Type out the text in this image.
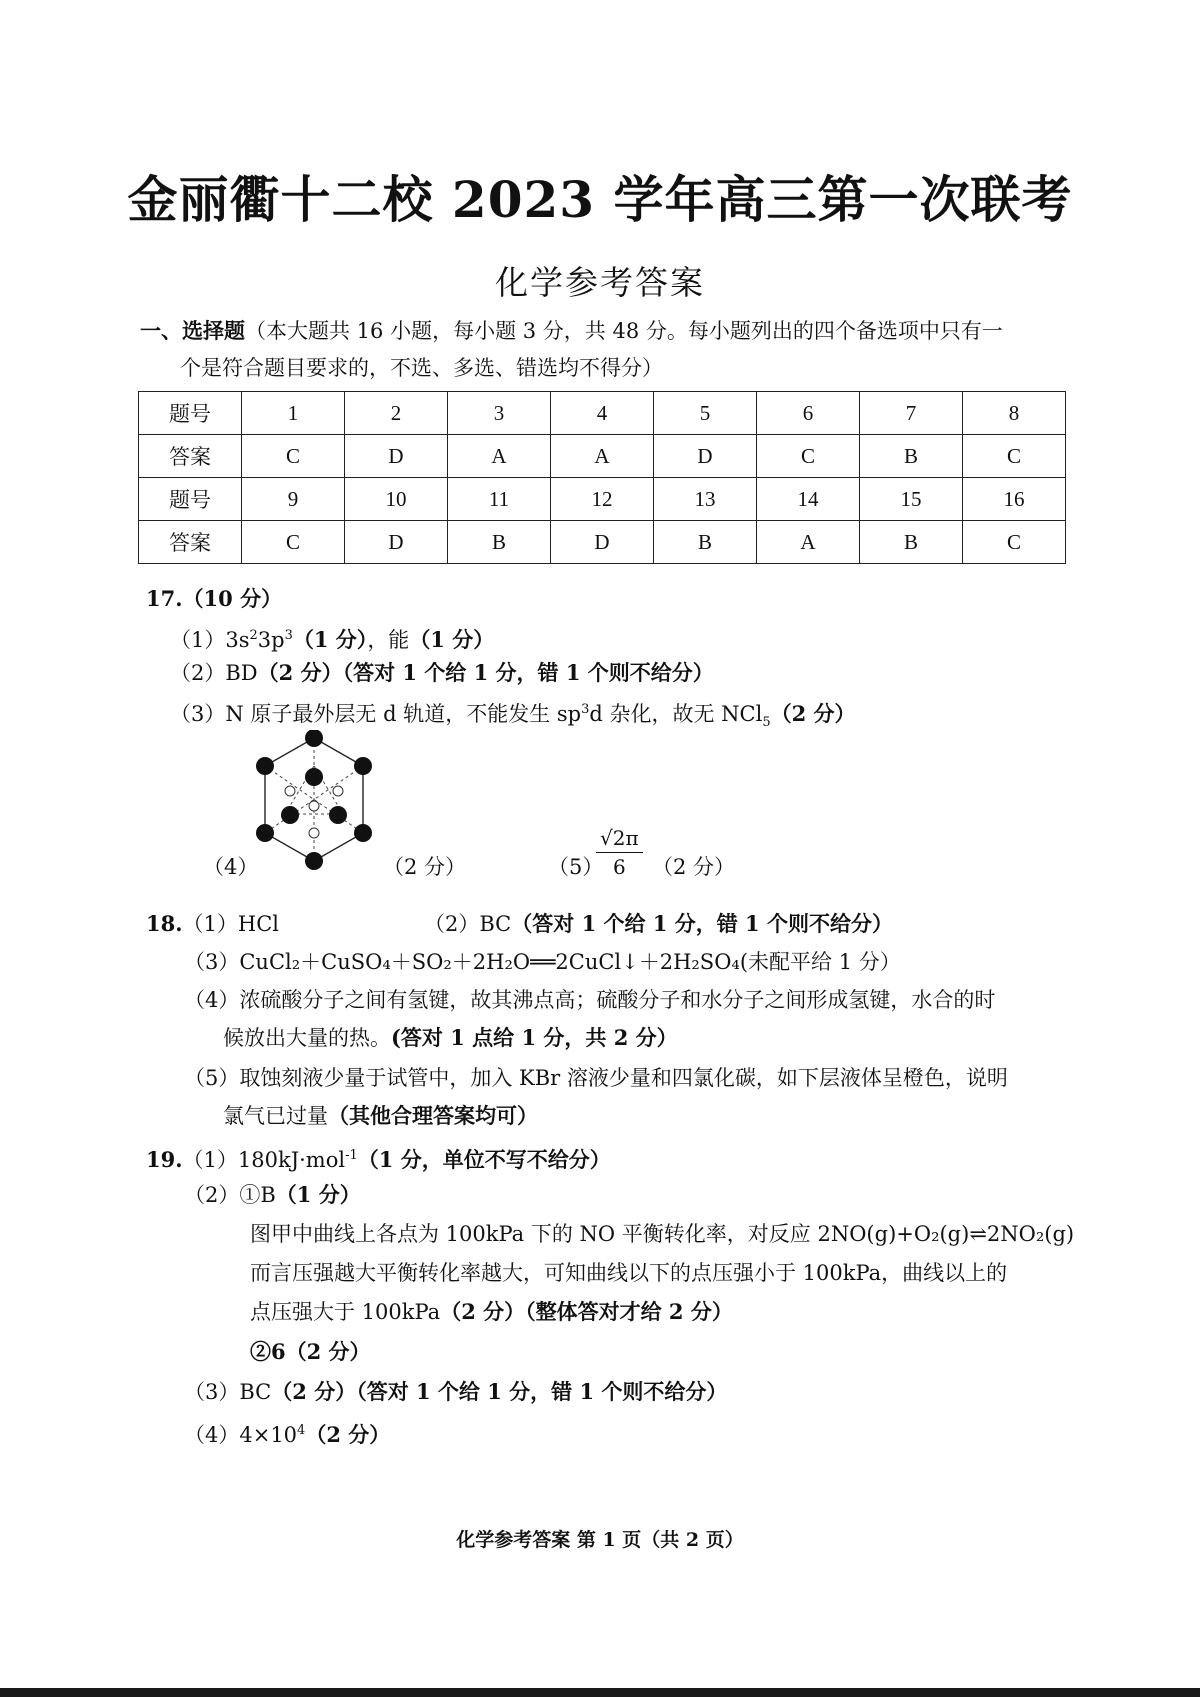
金丽衢十二校 2023 学年高三第一次联考
化学参考答案
一、选择题（本大题共 16 小题，每小题 3 分，共 48 分。每小题列出的四个备选项中只有一
个是符合题目要求的，不选、多选、错选均不得分）
题号	1	2	3	4	5	6	7	8
答案	C	D	A	A	D	C	B	C
题号	9	10	11	12	13	14	15	16
答案	C	D	B	D	B	A	B	C
17.（10 分）
$(1)3s^23p^3(1$ 分），能（1 分）
（2）BD（2 分）（答对 1 个给 1 分，错 1 个则不给分）
（3）N 原子最外层无 d 轨道，不能发生 $sp^3d$ 杂化，故无 NCl$_5$（2 分）
（4）	（2 分）	（5）
$\frac{√2\pi}{6} (2$ 分）
18.（1）HCl	（2）BC（答对 1 个给 1 分，错 1 个则不给分）
（3）CuCl₂＋CuSO₄＋SO₂＋2H₂O══2CuCl↓＋2H₂SO₄(未配平给 1 分）
（4）浓硫酸分子之间有氢键，故其沸点高；硫酸分子和水分子之间形成氢键，水合的时
候放出大量的热。(答对 1 点给 1 分，共 2 分）
（5）取蚀刻液少量于试管中，加入 KBr 溶液少量和四氯化碳，如下层液体呈橙色，说明
氯气已过量（其他合理答案均可）
19.（1）180kJ·mol$^{-1}$（1 分，单位不写不给分）
（2）①B（1 分）
图甲中曲线上各点为 100kPa 下的 NO 平衡转化率，对反应 2NO(g)+O₂(g)⇌2NO₂(g)
而言压强越大平衡转化率越大，可知曲线以下的点压强小于 100kPa，曲线以上的
点压强大于 100kPa（2 分）（整体答对才给 2 分）
②6（2 分）
（3）BC（2 分）（答对 1 个给 1 分，错 1 个则不给分）
$(4)4\times 10^4(2$ 分）
化学参考答案 第 1 页（共 2 页）
